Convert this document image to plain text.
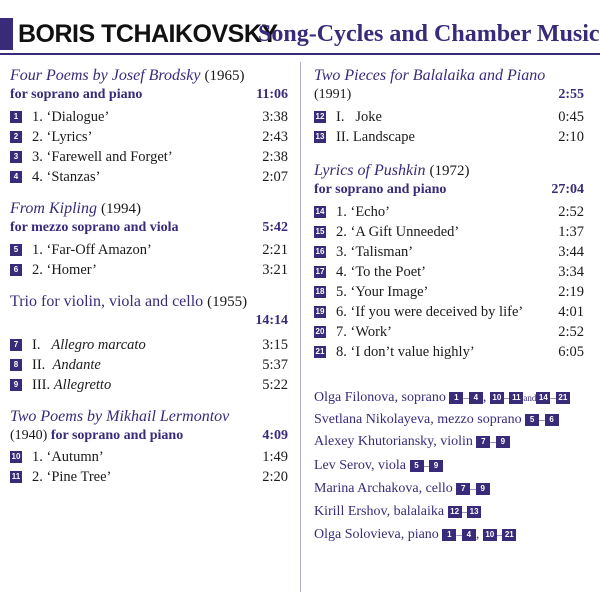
BORIS TCHAIKOVSKY
Song-Cycles and Chamber Music
Four Poems by Josef Brodsky (1965)
for soprano and piano	11:06
1 1. ‘Dialogue’	3:38
2 2. ‘Lyrics’	2:43
3 3. ‘Farewell and Forget’	2:38
4 4. ‘Stanzas’	2:07
From Kipling (1994)
for mezzo soprano and viola	5:42
5 1. ‘Far-Off Amazon’	2:21
6 2. ‘Homer’	3:21
Trio for violin, viola and cello (1955)
14:14
7 I. Allegro marcato	3:15
8 II. Andante	5:37
9 III. Allegretto	5:22
Two Poems by Mikhail Lermontov
(1940) for soprano and piano	4:09
10 1. ‘Autumn’	1:49
11 2. ‘Pine Tree’	2:20
Two Pieces for Balalaika and Piano
(1991)	2:55
12 I.   Joke	0:45
13 II. Landscape	2:10
Lyrics of Pushkin (1972)
for soprano and piano	27:04
14 1. ‘Echo’	2:52
15 2. ‘A Gift Unneeded’	1:37
16 3. ‘Talisman’	3:44
17 4. ‘To the Poet’	3:34
18 5. ‘Your Image’	2:19
19 6. ‘If you were deceived by life’ 4:01
20 7. ‘Work’	2:52
21 8. ‘I don’t value highly’	6:05
Olga Filonova, soprano 1 – 4 , 10 – 11 and 14 – 21
Svetlana Nikolayeva, mezzo soprano 5 – 6
Alexey Khutoriansky, violin 7 – 9
Lev Serov, viola 5 – 9
Marina Archakova, cello 7 – 9
Kirill Ershov, balalaika 12 – 13
Olga Solovieva, piano 1 – 4 , 10 – 21
